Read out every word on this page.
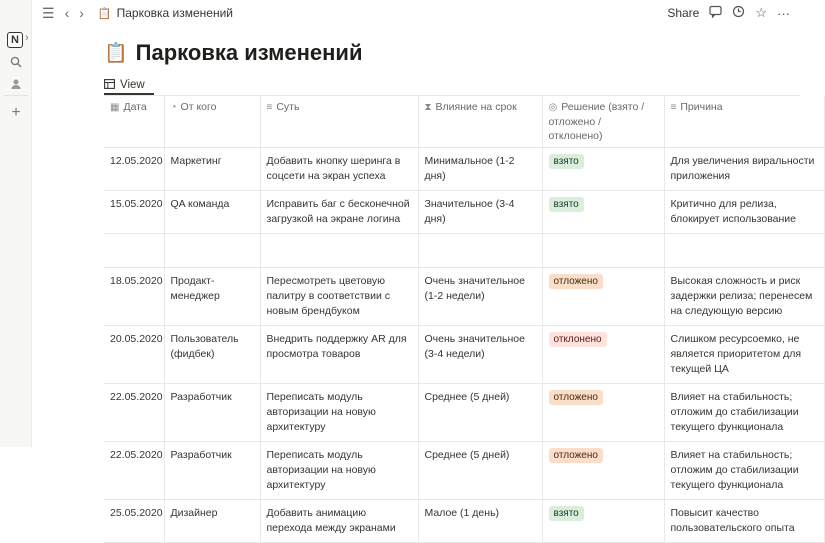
N ›
+
☰ ‹ › 📋 Парковка изменений	Share	☆ ···
📋 Парковка изменений
View
▦ Дата	◔ От кого	≡ Суть	⧗ Влияние на срок	◎ Решение (взято / отложено / отклонено)	≡ Причина
12.05.2020	Маркетинг	Добавить кнопку шеринга в соцсети на экран успеха	Минимальное (1-2 дня)	взято	Для увеличения виральности приложения
15.05.2020	QA команда	Исправить баг с бесконечной загрузкой на экране логина	Значительное (3-4 дня)	взято	Критично для релиза, блокирует использование

18.05.2020	Продакт-менеджер	Пересмотреть цветовую палитру в соответствии с новым брендбуком	Очень значительное (1-2 недели)	отложено	Высокая сложность и риск задержки релиза; перенесем на следующую версию
20.05.2020	Пользователь (фидбек)	Внедрить поддержку AR для просмотра товаров	Очень значительное (3-4 недели)	отклонено	Слишком ресурсоемко, не является приоритетом для текущей ЦА
22.05.2020	Разработчик	Переписать модуль авторизации на новую архитектуру	Среднее (5 дней)	отложено	Влияет на стабильность; отложим до стабилизации текущего функционала
22.05.2020	Разработчик	Переписать модуль авторизации на новую архитектуру	Среднее (5 дней)	отложено	Влияет на стабильность; отложим до стабилизации текущего функционала
25.05.2020	Дизайнер	Добавить анимацию перехода между экранами	Малое (1 день)	взято	Повысит качество пользовательского опыта
